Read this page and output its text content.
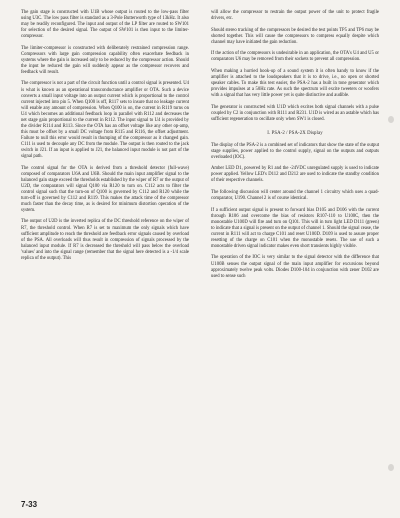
The gain stage is constructed with U1B whose output is routed to the low-pass filter using U3C. The low pass filter is standard as a 3-Pole Butterworth type of 13kHz. It also may be readily reconfigured. The input and output of the LP filter are routed to SW101 for selection of the desired signal. The output of SW101 is then input to the limiter-compressor.

The limiter-compressor is constructed with deliberately restrained compression range. Compressors with large gain compression capability often exacerbate feedback in systems where the gain is increased only to be reduced by the compressor action. Should the input be reduced the gain will suddenly appear as the compressor recovers and feedback will result.

The compressor is not a part of the circuit function until a control signal is presented. U4 is what is known as an operational transconductance amplifier or OTA. Such a device converts a small input voltage into an output current which is proportional to the control current injected into pin 5. When Q100 is off, R117 sets to insure that no leakage current will enable any amount of compression. When Q100 is on, the current in R119 turns on U4 which becomes an additional feedback loop in parallel with R112 and decreases the net stage gain proportional to the current in R112. The input signal to U4 is provided by the divider R114 and R113. Since the OTA has an offset voltage like any other op-amp, this must be offset by a small DC voltage from R115 and R116, the offset adjustment. Failure to null this error would result in thumping of the compressor as it changed gain. C111 is used to decouple any DC from the module. The output is then routed to the jack switch in J21. If an input is applied to J21, the balanced input module is not part of the signal path.

The control signal for the OTA is derived from a threshold detector (full-wave) composed of comparators U6A and U6B. Should the main input amplifier signal to the balanced gain stage exceed the thresholds established by the wiper of R7 or the output of U2D, the comparators will signal Q100 via R120 to turn on. C112 acts to filter the control signal such that the turn-on of Q100 is governed by C112 and R120 while the turn-off is governed by C112 and R119. This makes the attack time of the compressor much faster than the decay time, as is desired for minimum distortion operation of the system.

The output of U2D is the inverted replica of the DC threshold reference on the wiper of R7, the threshold control. When R7 is set to maximum the only signals which have sufficient amplitude to reach the threshold are feedback error signals caused by overload of the PSA. All overloads will thus result in compression of signals processed by the balanced input module. If R7 is decreased the threshold will pass below the overload 'values' and into the signal range (remember that the signal here detected is a -1/4 scale replica of the output). This

will allow the compressor to restrain the output power of the unit to protect fragile drivers, etc.

Should stereo tracking of the compressors be desired the test points TP5 and TP6 may be shorted together. This will cause the compressors to compress equally despite which channel may have initiated the gain reduction.

If the action of the compressors is undesirable in an application, the OTA's U4 and U5 or comparators U6 may be removed from their sockets to prevent all compression.

When making a hurried hook-up of a sound system it is often handy to know if the amplifier is attached to the loudspeakers that it is to drive, i.e., no open or shorted speaker cables. To make this test easier, the PSA-2 has a built in tone generator which provides impulses at a 50Hz rate. As such the spectrum will excite tweeters or woofers with a signal that has very little power yet is quite distinctive and audible.

The generator is constructed with U1D which excites both signal channels with a pulse coupled by C2 in conjunction with R111 and R231. U1D is wired as an astable which has sufficient regeneration to oscillate only when SW1 is closed.

I. PSA-2 / PSA-2X Display

The display of the PSA-2 is a combined set of indicators that show the state of the output stage supplies, power applied to the control supply, signal on the outputs and outputs overloaded (IOC).

Amber LED D1, powered by R1 and the -24VDC unregulated supply is used to indicate power applied. Yellow LED's D112 and D212 are used to indicate the standby condition of their respective channels.

The following discussion will center around the channel 1 circuitry which uses a quad-comparator, U190. Channel 2 is of course identical.

If a sufficient output signal is present to forward bias D105 and D106 with the current through R106 and overcome the bias of resistors R107-110 to U100C, then the monostable U100D will fire and turn on Q101. This will in turn light LED D111 (green) to indicate that a signal is present on the output of channel 1. Should the signal cease, the current in R111 will act to charge C101 and reset U100D. D109 is used to assure proper resetting of the charge on C101 when the monostable resets. The use of such a monostable driven signal indicator makes even short transients highly visible.

The operation of the IOC is very similar to the signal detector with the difference that U100B senses the output signal of the main input amplifier for excursions beyond approximately twelve peak volts. Diodes D100-104 in conjunction with zener D102 are used to sense such

7-33
